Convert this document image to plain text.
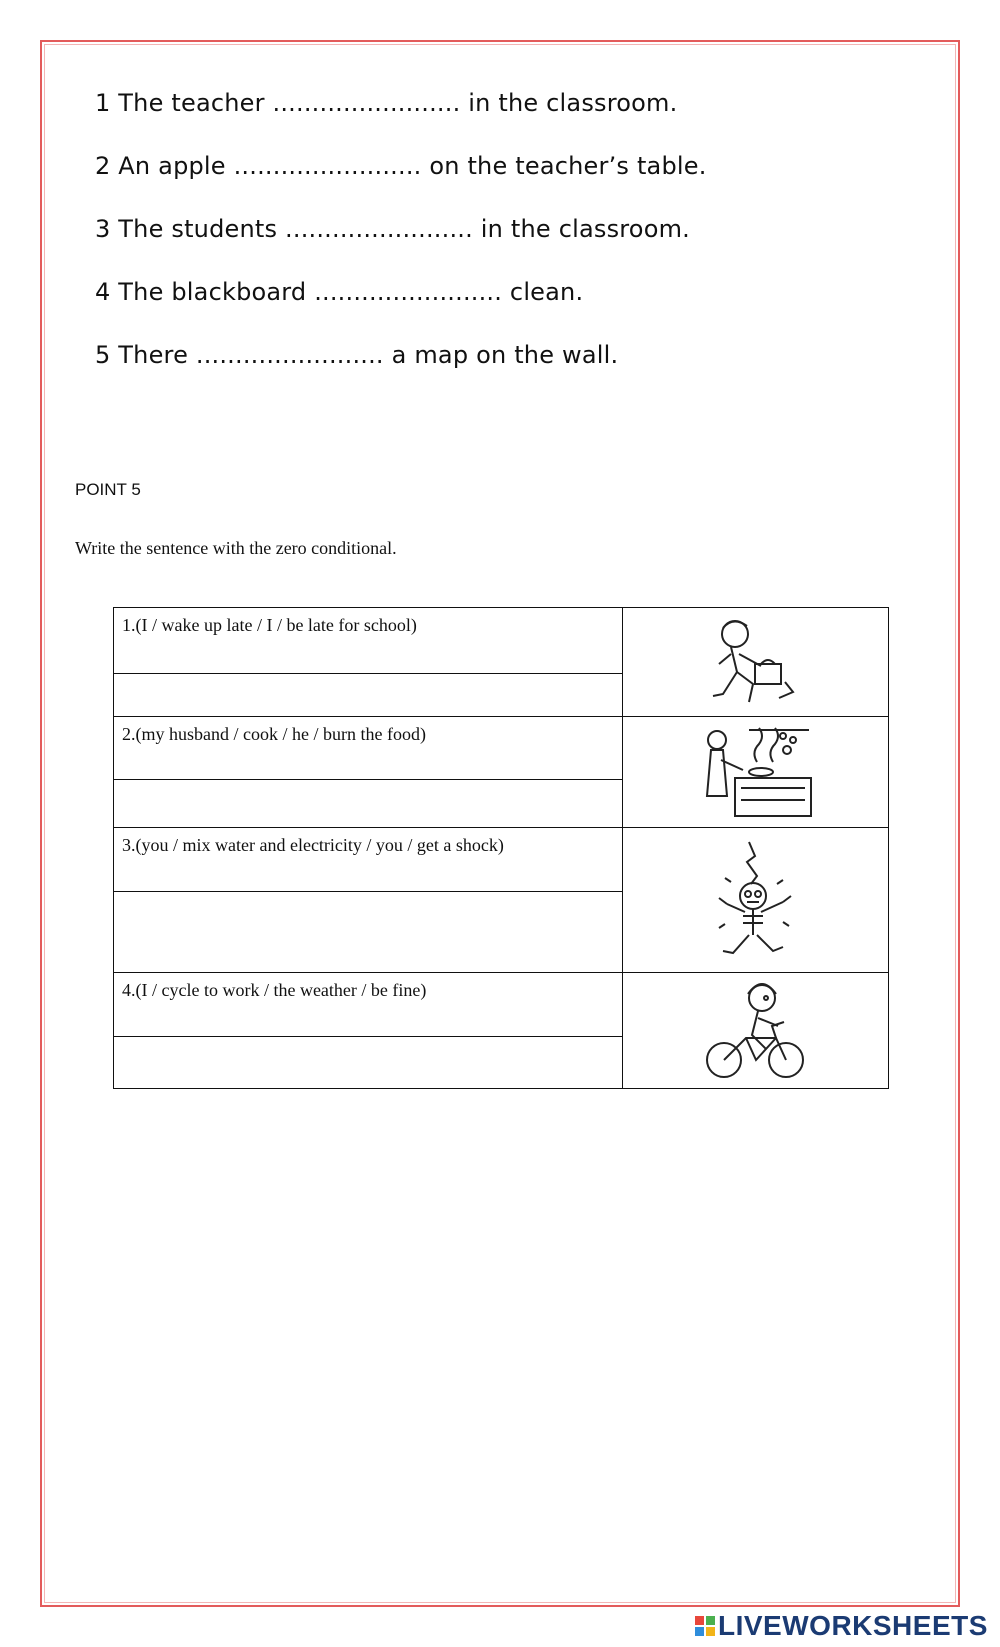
1 The teacher ........................ in the classroom.
2 An apple ........................ on the teacher’s table.
3 The students ........................ in the classroom.
4 The blackboard ........................ clean.
5 There ........................ a map on the wall.
POINT 5
Write the sentence with the zero conditional.
1.(I / wake up late / I / be late for school)	

2.(my husband / cook / he / burn the food)	

3.(you / mix water and electricity / you / get a shock)	

4.(I / cycle to work / the weather / be fine)	

LIVEWORKSHEETS
